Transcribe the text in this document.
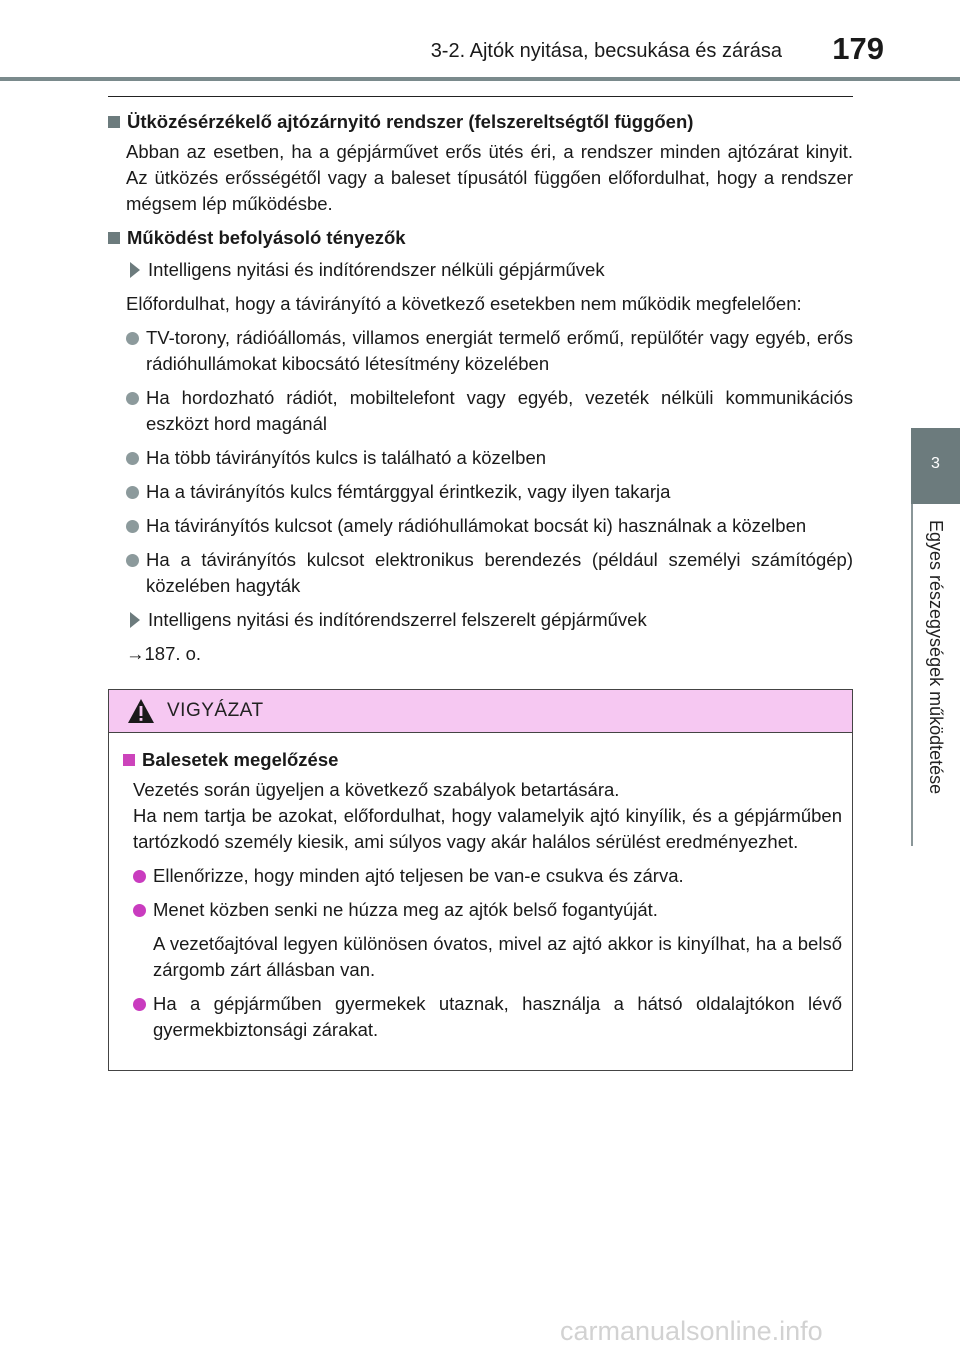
3-2. Ajtók nyitása, becsukása és zárása 179
3
Egyes részegységek működtetése
Ütközésérzékelő ajtózárnyitó rendszer (felszereltségtől függően)
Abban az esetben, ha a gépjárművet erős ütés éri, a rendszer minden ajtózárat kinyit. Az ütközés erősségétől vagy a baleset típusától függően előfordulhat, hogy a rendszer mégsem lép működésbe.
Működést befolyásoló tényezők
Intelligens nyitási és indítórendszer nélküli gépjárművek
Előfordulhat, hogy a távirányító a következő esetekben nem működik megfelelően:
TV-torony, rádióállomás, villamos energiát termelő erőmű, repülőtér vagy egyéb, erős rádióhullámokat kibocsátó létesítmény közelében
Ha hordozható rádiót, mobiltelefont vagy egyéb, vezeték nélküli kommunikációs eszközt hord magánál
Ha több távirányítós kulcs is található a közelben
Ha a távirányítós kulcs fémtárggyal érintkezik, vagy ilyen takarja
Ha távirányítós kulcsot (amely rádióhullámokat bocsát ki) használnak a közelben
Ha a távirányítós kulcsot elektronikus berendezés (például személyi számítógép) közelében hagyták
Intelligens nyitási és indítórendszerrel felszerelt gépjárművek
→187. o.
VIGYÁZAT
Balesetek megelőzése
Vezetés során ügyeljen a következő szabályok betartására.
Ha nem tartja be azokat, előfordulhat, hogy valamelyik ajtó kinyílik, és a gépjárműben tartózkodó személy kiesik, ami súlyos vagy akár halálos sérülést eredményezhet.
Ellenőrizze, hogy minden ajtó teljesen be van-e csukva és zárva.
Menet közben senki ne húzza meg az ajtók belső fogantyúját.
A vezetőajtóval legyen különösen óvatos, mivel az ajtó akkor is kinyílhat, ha a belső zárgomb zárt állásban van.
Ha a gépjárműben gyermekek utaznak, használja a hátsó oldalajtókon lévő gyermekbiztonsági zárakat.
carmanualsonline.info
